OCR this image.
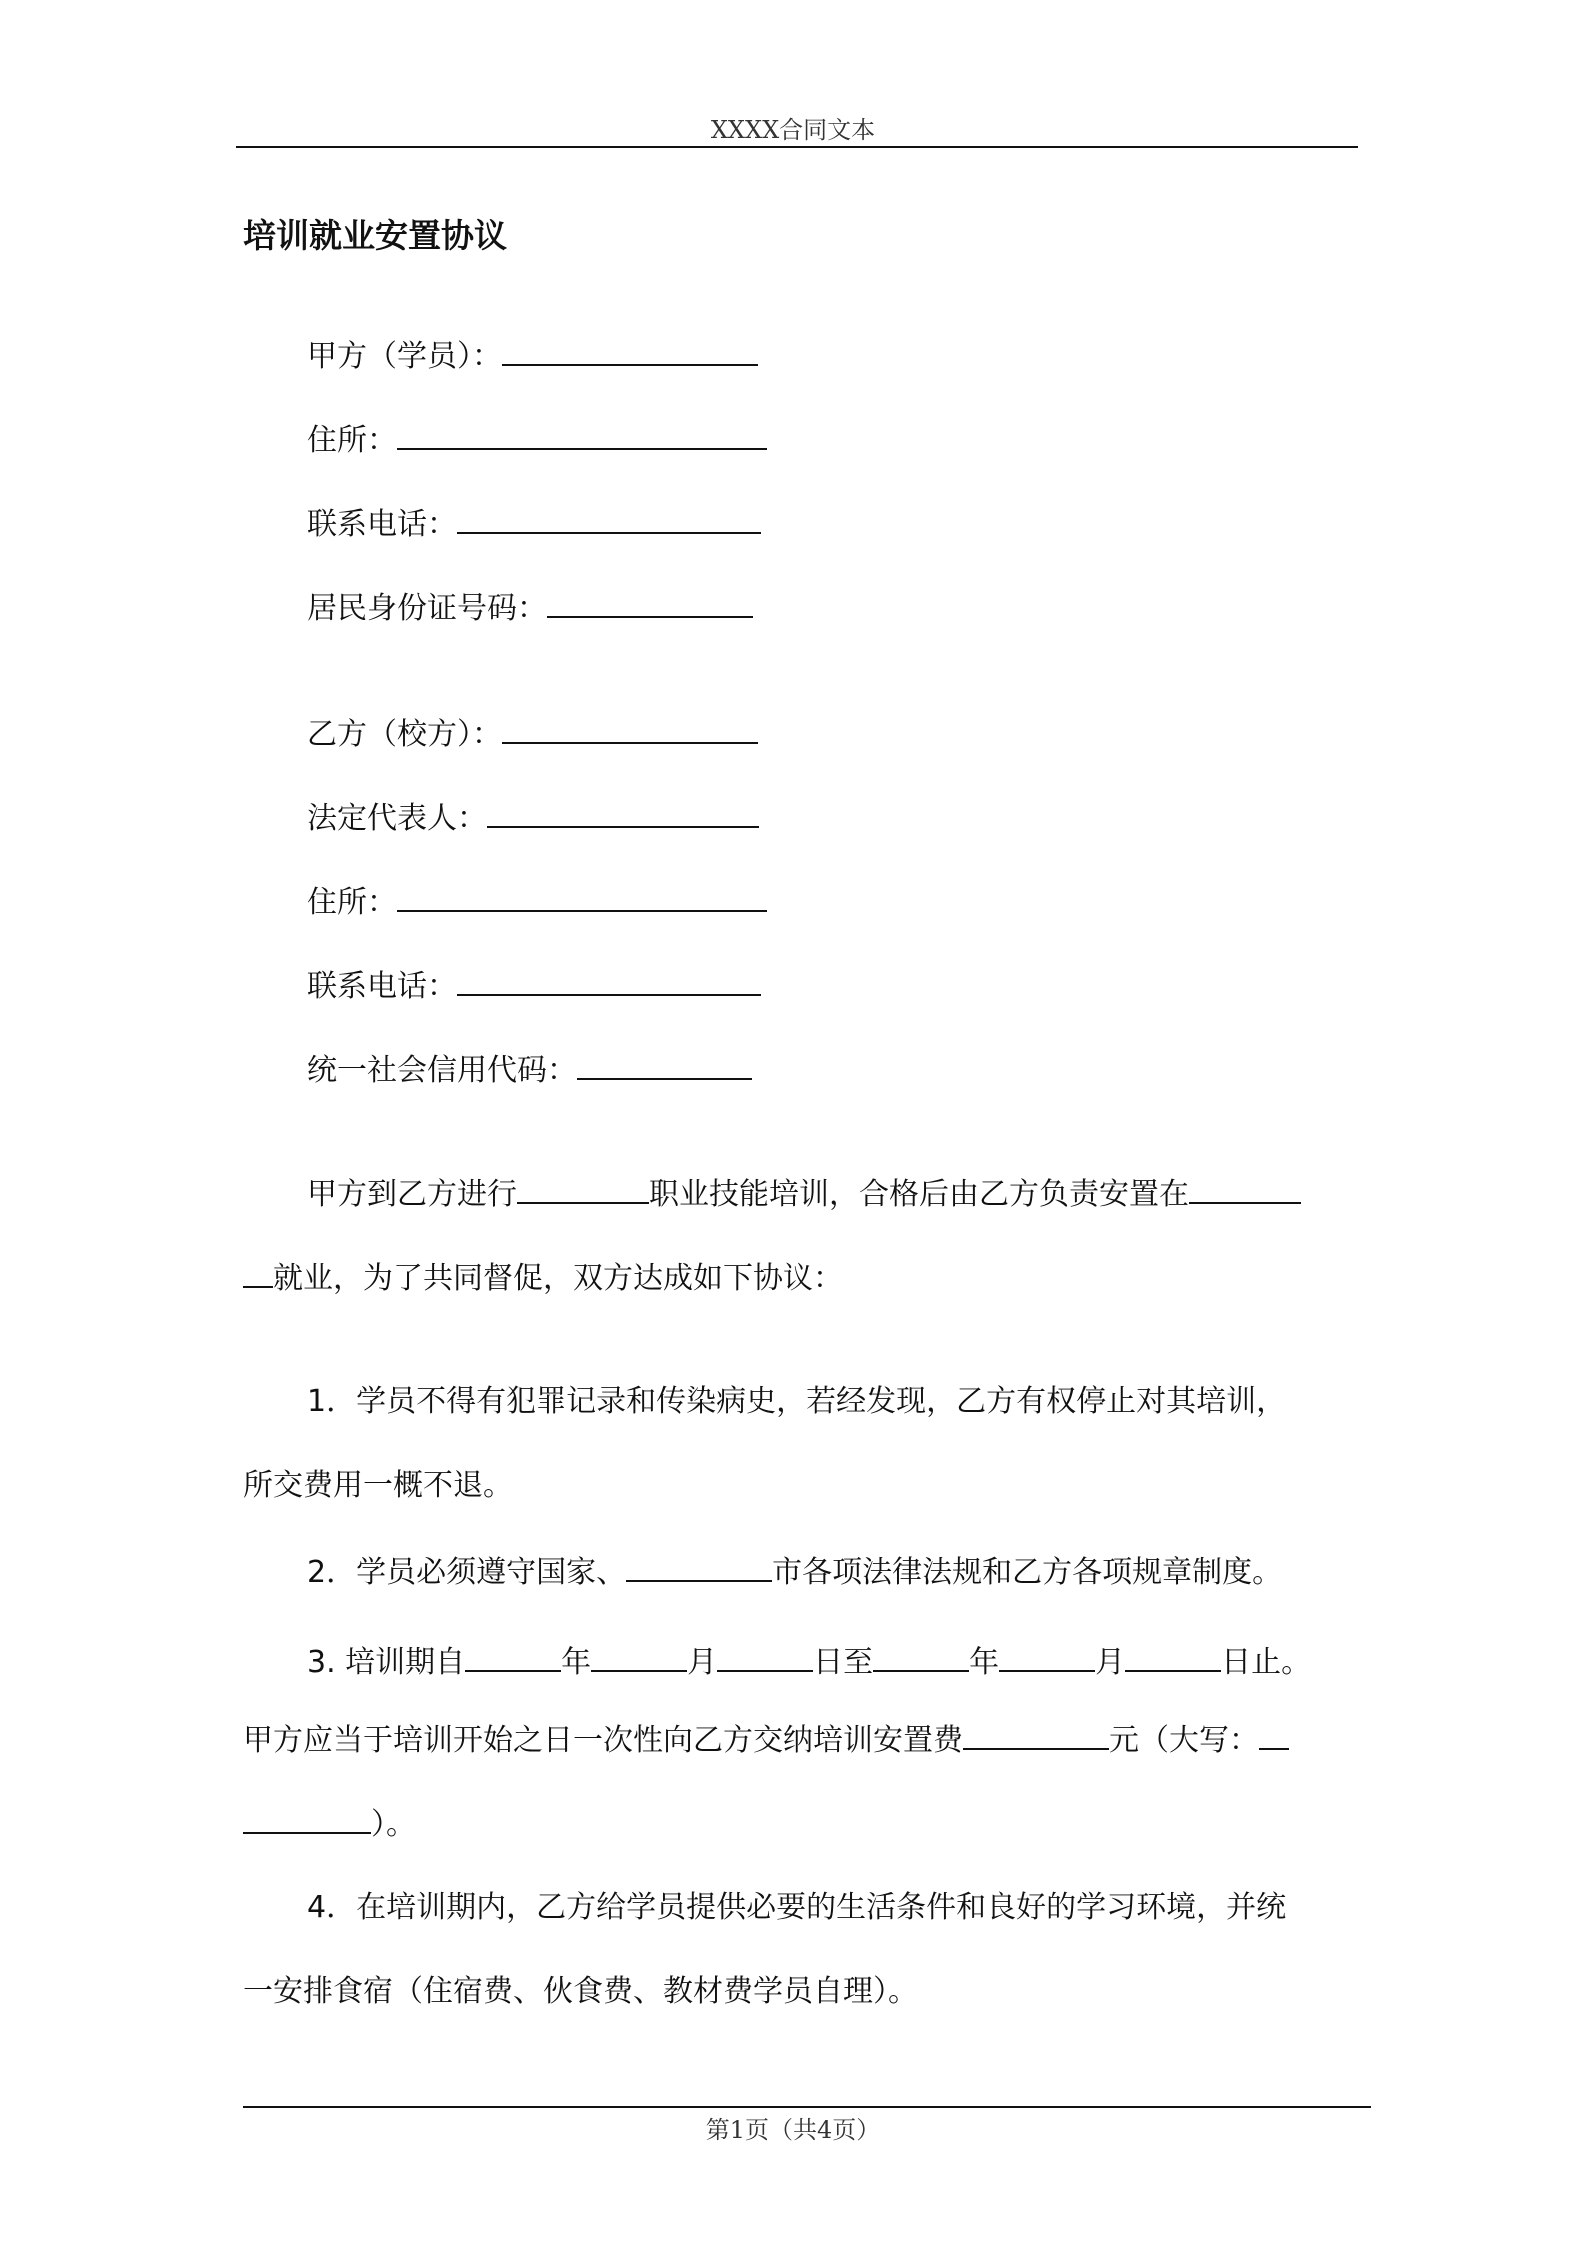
XXXX合同文本
培训就业安置协议
甲方（学员）：
住所：
联系电话：
居民身份证号码：
乙方（校方）：
法定代表人：
住所：
联系电话：
统一社会信用代码：
甲方到乙方进行	职业技能培训，合格后由乙方负责安置在
就业，为了共同督促，双方达成如下协议：
1．学员不得有犯罪记录和传染病史，若经发现，乙方有权停止对其培训，
所交费用一概不退。
2．学员必须遵守国家、	市各项法律法规和乙方各项规章制度。
3. 培训期自	年	月	日至	年	月	日止。
甲方应当于培训开始之日一次性向乙方交纳培训安置费	元（大写：
）。
4．在培训期内，乙方给学员提供必要的生活条件和良好的学习环境，并统
一安排食宿（住宿费、伙食费、教材费学员自理）。
第1页（共4页）
